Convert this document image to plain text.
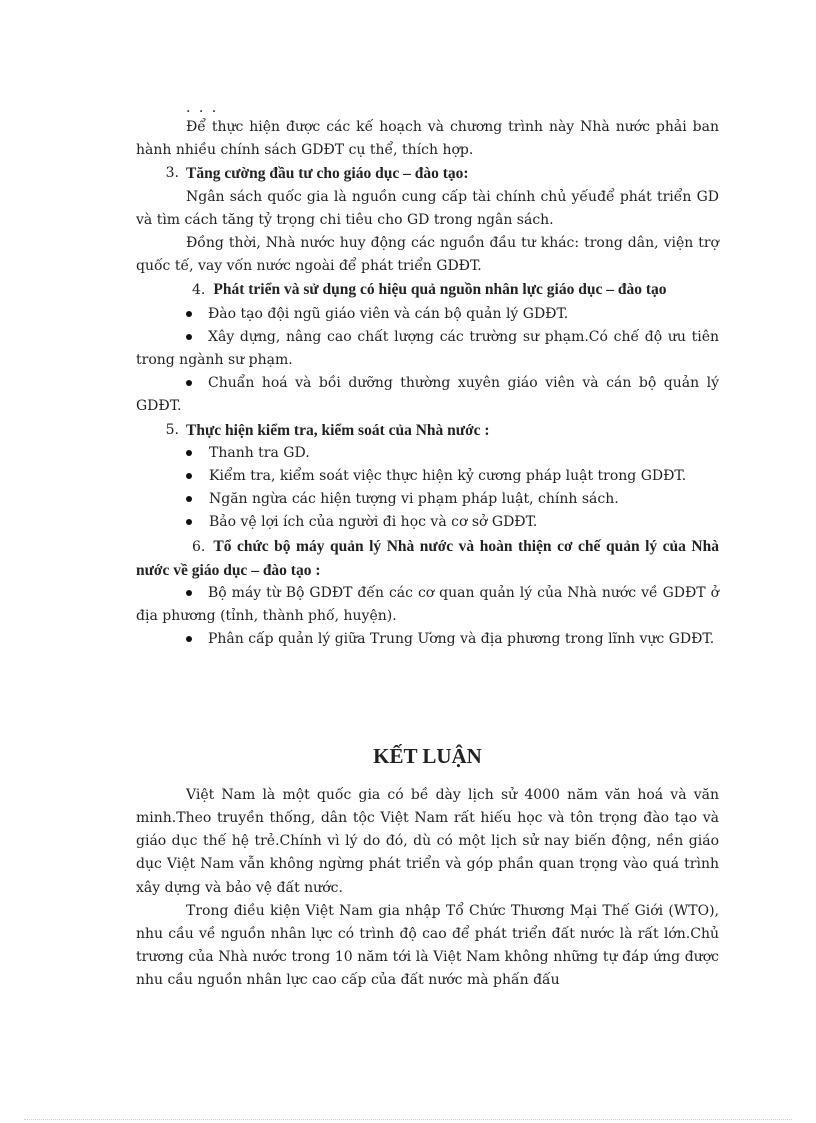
. . .

Để thực hiện được các kế hoạch và chương trình này Nhà nước phải ban hành nhiều chính sách GDĐT cụ thể, thích hợp.

3. Tăng cường đầu tư cho giáo dục – đào tạo:

Ngân sách quốc gia là nguồn cung cấp tài chính chủ yếuđể phát triển GD và tìm cách tăng tỷ trọng chi tiêu cho GD trong ngân sách.

Đồng thời, Nhà nước huy động các nguồn đầu tư khác: trong dân, viện trợ quốc tế, vay vốn nước ngoài để phát triển GDĐT.

4. Phát triển và sử dụng có hiệu quả nguồn nhân lực giáo dục – đào tạo

Đào tạo đội ngũ giáo viên và cán bộ quản lý GDĐT.

Xây dựng, nâng cao chất lượng các trường sư phạm.Có chế độ ưu tiên trong ngành sư phạm.

Chuẩn hoá và bồi dưỡng thường xuyên giáo viên và cán bộ quản lý GDĐT.

5. Thực hiện kiểm tra, kiểm soát của Nhà nước :

Thanh tra GD.

Kiểm tra, kiểm soát việc thực hiện kỷ cương pháp luật trong GDĐT.

Ngăn ngừa các hiện tượng vi phạm pháp luật, chính sách.

Bảo vệ lợi ích của người đi học và cơ sở GDĐT.

6. Tổ chức bộ máy quản lý Nhà nước và hoàn thiện cơ chế quản lý của Nhà nước về giáo dục – đào tạo :

Bộ máy từ Bộ GDĐT đến các cơ quan quản lý của Nhà nước về GDĐT ở địa phương (tỉnh, thành phố, huyện).

Phân cấp quản lý giữa Trung Ương và địa phương trong lĩnh vực GDĐT.

KẾT LUẬN

Việt Nam là một quốc gia có bề dày lịch sử 4000 năm văn hoá và văn minh.Theo truyền thống, dân tộc Việt Nam rất hiếu học và tôn trọng đào tạo và giáo dục thế hệ trẻ.Chính vì lý do đó, dù có một lịch sử nay biến động, nền giáo dục Việt Nam vẫn không ngừng phát triển và góp phần quan trọng vào quá trình xây dựng và bảo vệ đất nước.

Trong điều kiện Việt Nam gia nhập Tổ Chức Thương Mại Thế Giới (WTO), nhu cầu về nguồn nhân lực có trình độ cao để phát triển đất nước là rất lớn.Chủ trương của Nhà nước trong 10 năm tới là Việt Nam không những tự đáp ứng được nhu cầu nguồn nhân lực cao cấp của đất nước mà phấn đấu
